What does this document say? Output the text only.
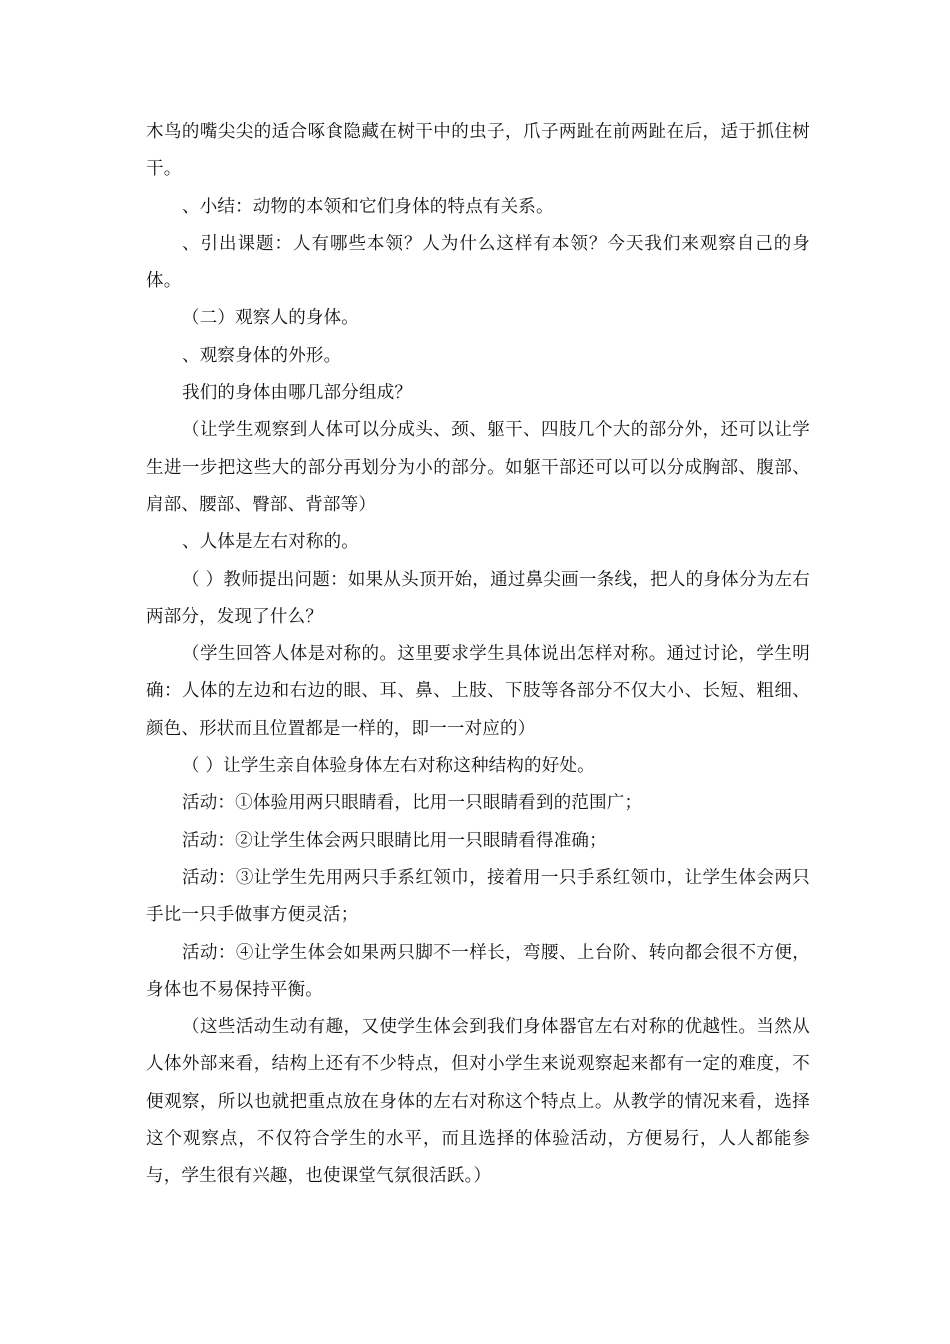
木鸟的嘴尖尖的适合啄食隐藏在树干中的虫子，爪子两趾在前两趾在后，适于抓住树干。

、小结：动物的本领和它们身体的特点有关系。

、引出课题：人有哪些本领？人为什么这样有本领？今天我们来观察自己的身体。

（二）观察人的身体。

、观察身体的外形。

我们的身体由哪几部分组成？

（让学生观察到人体可以分成头、颈、躯干、四肢几个大的部分外，还可以让学生进一步把这些大的部分再划分为小的部分。如躯干部还可以可以分成胸部、腹部、肩部、腰部、臀部、背部等）

、人体是左右对称的。

（ ）教师提出问题：如果从头顶开始，通过鼻尖画一条线，把人的身体分为左右两部分，发现了什么？

（学生回答人体是对称的。这里要求学生具体说出怎样对称。通过讨论，学生明确：人体的左边和右边的眼、耳、鼻、上肢、下肢等各部分不仅大小、长短、粗细、颜色、形状而且位置都是一样的，即一一对应的）

（ ）让学生亲自体验身体左右对称这种结构的好处。

活动：①体验用两只眼睛看，比用一只眼睛看到的范围广；

活动：②让学生体会两只眼睛比用一只眼睛看得准确；

活动：③让学生先用两只手系红领巾，接着用一只手系红领巾，让学生体会两只手比一只手做事方便灵活；

活动：④让学生体会如果两只脚不一样长，弯腰、上台阶、转向都会很不方便，身体也不易保持平衡。

（这些活动生动有趣，又使学生体会到我们身体器官左右对称的优越性。当然从人体外部来看，结构上还有不少特点，但对小学生来说观察起来都有一定的难度，不便观察，所以也就把重点放在身体的左右对称这个特点上。从教学的情况来看，选择这个观察点，不仅符合学生的水平，而且选择的体验活动，方便易行，人人都能参与，学生很有兴趣，也使课堂气氛很活跃。）
